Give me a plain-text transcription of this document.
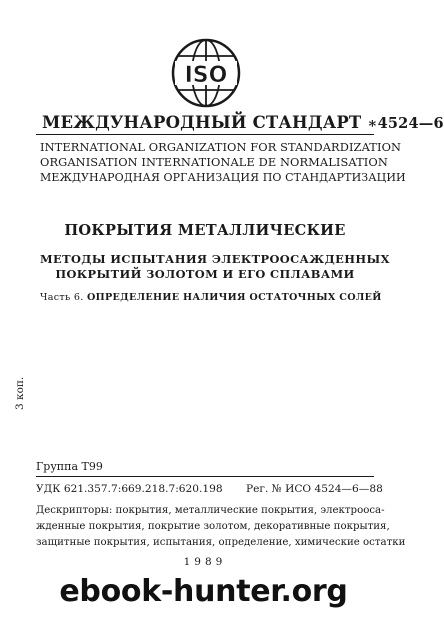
ISO
МЕЖДУНАРОДНЫЙ СТАНДАРТ ∗4524—6
INTERNATIONAL ORGANIZATION FOR STANDARDIZATION
ORGANISATION INTERNATIONALE DE NORMALISATION
МЕЖДУНАРОДНАЯ ОРГАНИЗАЦИЯ ПО СТАНДАРТИЗАЦИИ
ПОКРЫТИЯ МЕТАЛЛИЧЕСКИЕ
МЕТОДЫ ИСПЫТАНИЯ ЭЛЕКТРООСАЖДЕННЫХ
ПОКРЫТИЙ ЗОЛОТОМ И ЕГО СПЛАВАМИ
Часть 6. ОПРЕДЕЛЕНИЕ НАЛИЧИЯ ОСТАТОЧНЫХ СОЛЕЙ
3 коп.
Группа Т99
УДК 621.357.7:669.218.7:620.198 Рег. № ИСО 4524—6—88
Дескрипторы: покрытия, металлические покрытия, электрооса-
жденные покрытия, покрытие золотом, декоративные покрытия,
защитные покрытия, испытания, определение, химические остатки
1989
ebook-hunter.org
